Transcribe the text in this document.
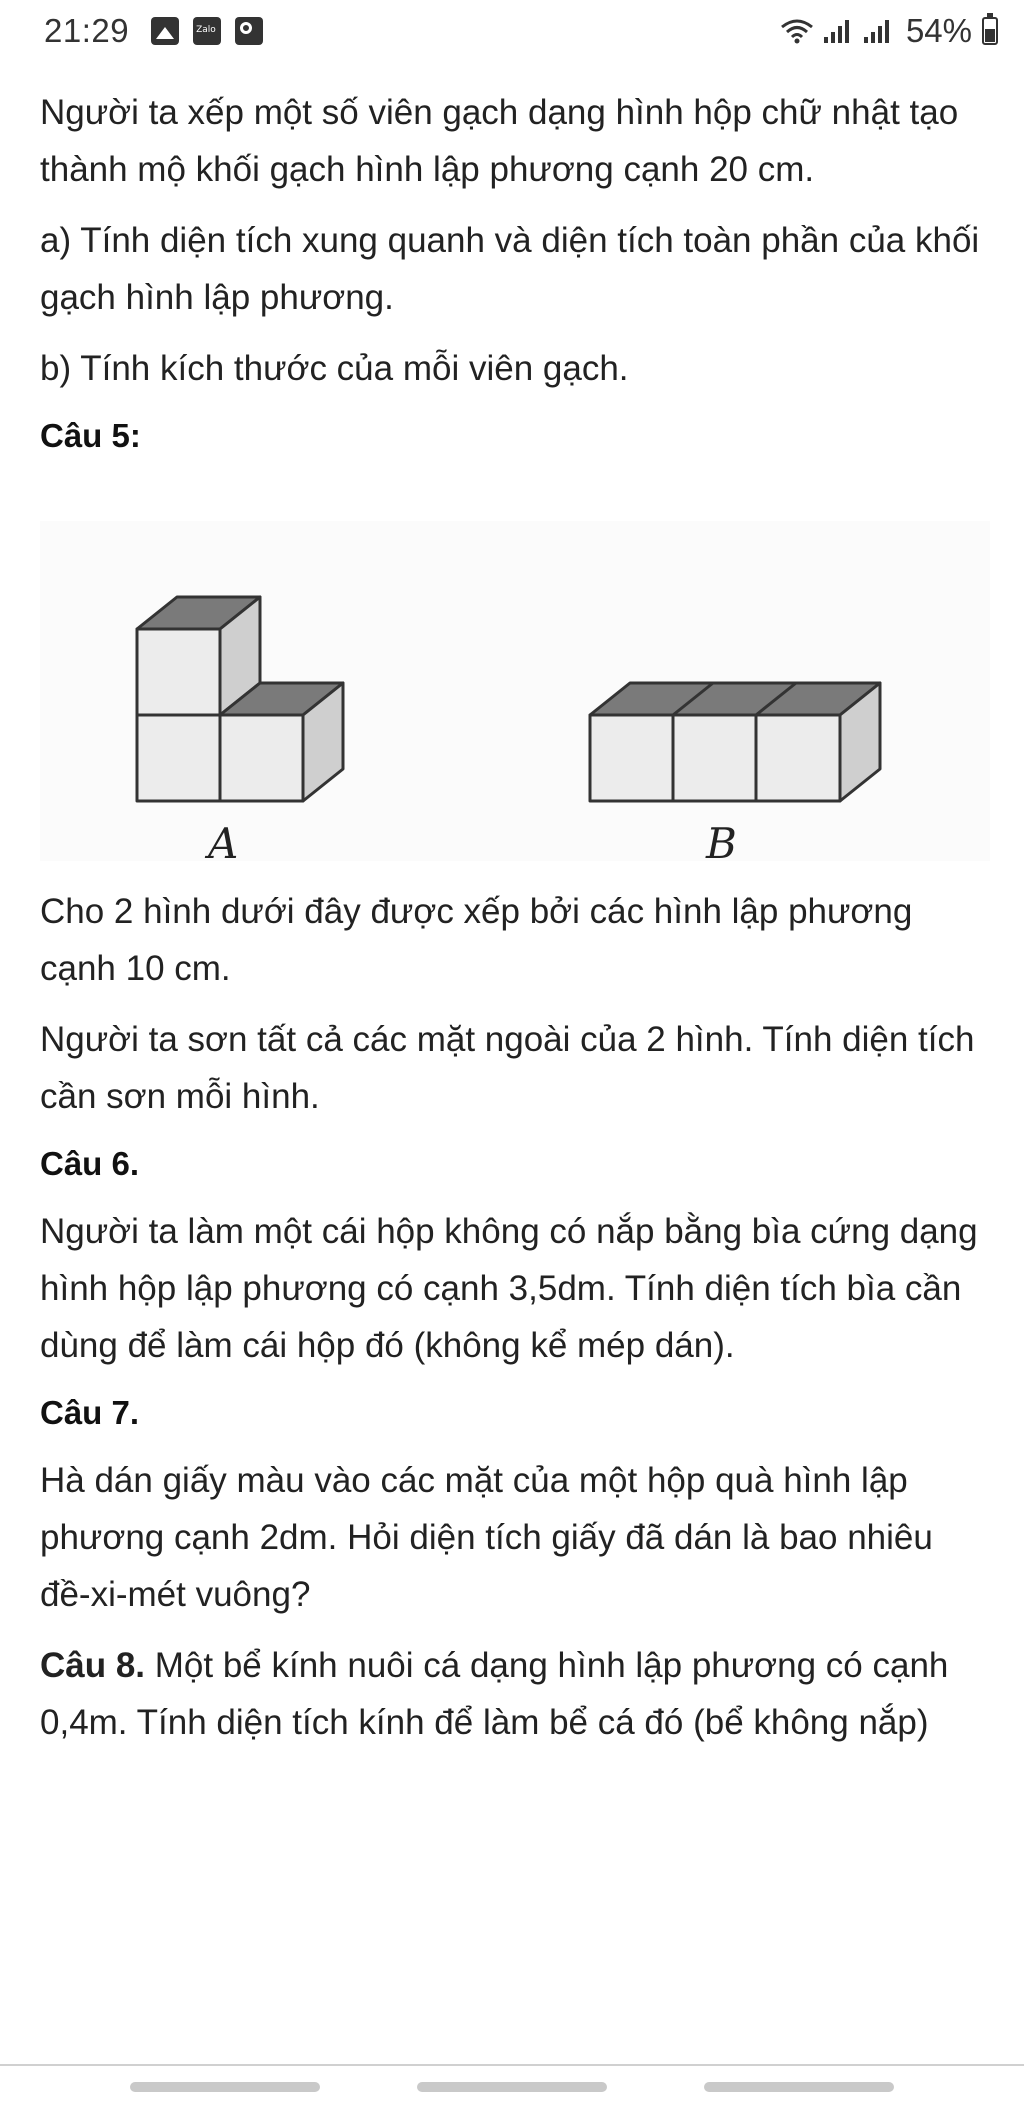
21:29
Zalo	54%

Người ta xếp một số viên gạch dạng hình hộp chữ nhật tạo thành mộ khối gạch hình lập phương cạnh 20 cm.

a) Tính diện tích xung quanh và diện tích toàn phần của khối gạch hình lập phương.

b) Tính kích thước của mỗi viên gạch.

Câu 5:
A	B

Cho 2 hình dưới đây được xếp bởi các hình lập phương cạnh 10 cm.

Người ta sơn tất cả các mặt ngoài của 2 hình. Tính diện tích cần sơn mỗi hình.

Câu 6.

Người ta làm một cái hộp không có nắp bằng bìa cứng dạng hình hộp lập phương có cạnh 3,5dm. Tính diện tích bìa cần dùng để làm cái hộp đó (không kể mép dán).

Câu 7.

Hà dán giấy màu vào các mặt của một hộp quà hình lập phương cạnh 2dm. Hỏi diện tích giấy đã dán là bao nhiêu đề-xi-mét vuông?

Câu 8. Một bể kính nuôi cá dạng hình lập phương có cạnh 0,4m. Tính diện tích kính để làm bể cá đó (bể không nắp)
